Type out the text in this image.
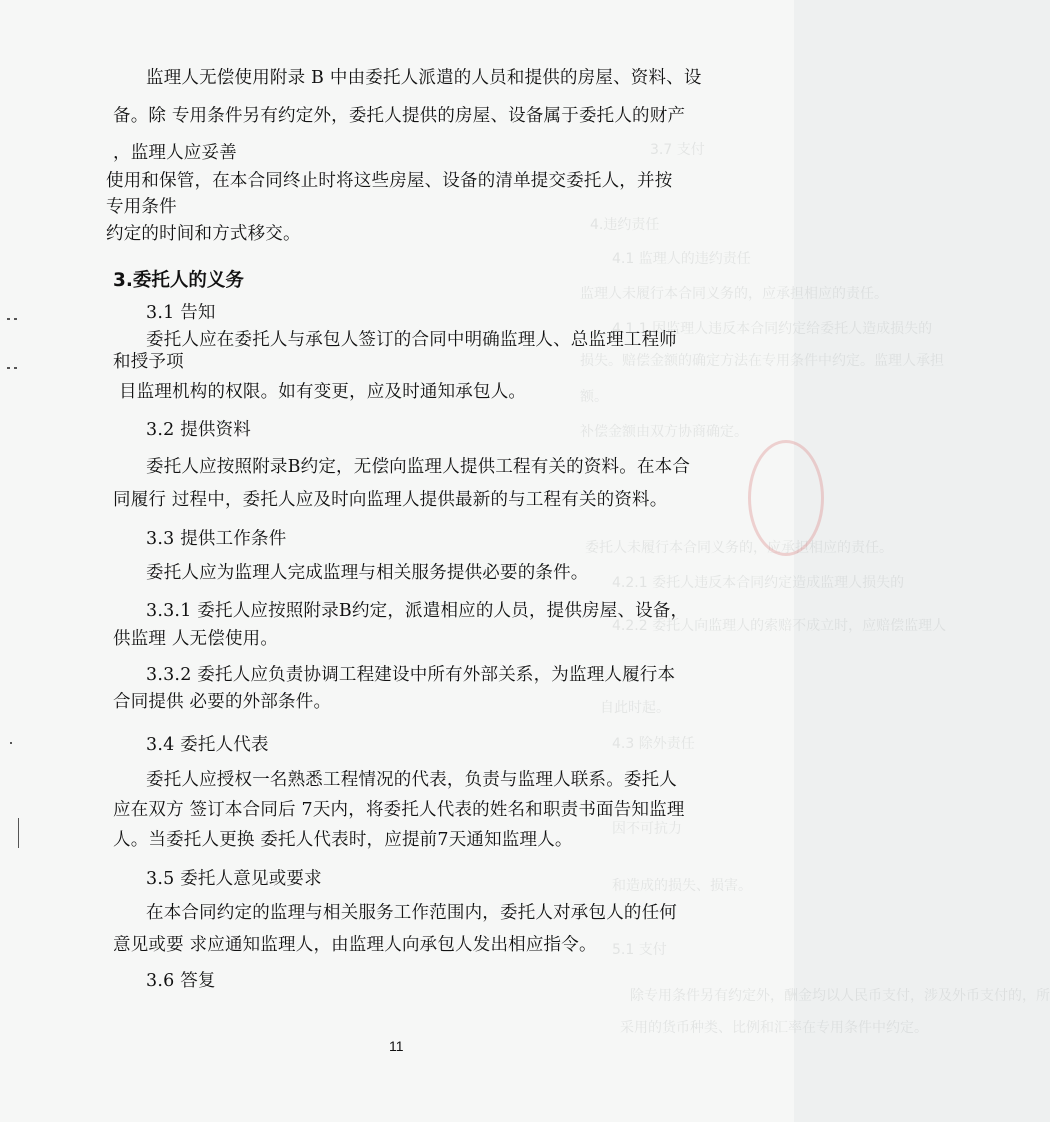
3.7 支付
4.违约责任
4.1 监理人的违约责任
监理人未履行本合同义务的，应承担相应的责任。
4.1.1 因监理人违反本合同约定给委托人造成损失的
损失。赔偿金额的确定方法在专用条件中约定。监理人承担
额。
补偿金额由双方协商确定。
委托人未履行本合同义务的，应承担相应的责任。
4.2.1 委托人违反本合同约定造成监理人损失的
4.2.2 委托人向监理人的索赔不成立时，应赔偿监理人
自此时起。
4.3 除外责任
因不可抗力
和造成的损失、损害。
5.1 支付
除专用条件另有约定外，酬金均以人民币支付，涉及外币支付的，所
采用的货币种类、比例和汇率在专用条件中约定。
监理人无偿使用附录 B 中由委托人派遣的人员和提供的房屋、资料、设
备。除 专用条件另有约定外，委托人提供的房屋、设备属于委托人的财产
，监理人应妥善
使用和保管，在本合同终止时将这些房屋、设备的清单提交委托人，并按
专用条件
约定的时间和方式移交。
3.委托人的义务
3.1 告知
委托人应在委托人与承包人签订的合同中明确监理人、总监理工程师
和授予项
目监理机构的权限。如有变更，应及时通知承包人。
3.2 提供资料
委托人应按照附录B约定，无偿向监理人提供工程有关的资料。在本合
同履行 过程中，委托人应及时向监理人提供最新的与工程有关的资料。
3.3 提供工作条件
委托人应为监理人完成监理与相关服务提供必要的条件。
3.3.1 委托人应按照附录B约定，派遣相应的人员，提供房屋、设备，
供监理 人无偿使用。
3.3.2 委托人应负责协调工程建设中所有外部关系，为监理人履行本
合同提供 必要的外部条件。
3.4 委托人代表
委托人应授权一名熟悉工程情况的代表，负责与监理人联系。委托人
应在双方 签订本合同后 7天内，将委托人代表的姓名和职责书面告知监理
人。当委托人更换 委托人代表时，应提前7天通知监理人。
3.5 委托人意见或要求
在本合同约定的监理与相关服务工作范围内，委托人对承包人的任何
意见或要 求应通知监理人，由监理人向承包人发出相应指令。
3.6 答复
11
